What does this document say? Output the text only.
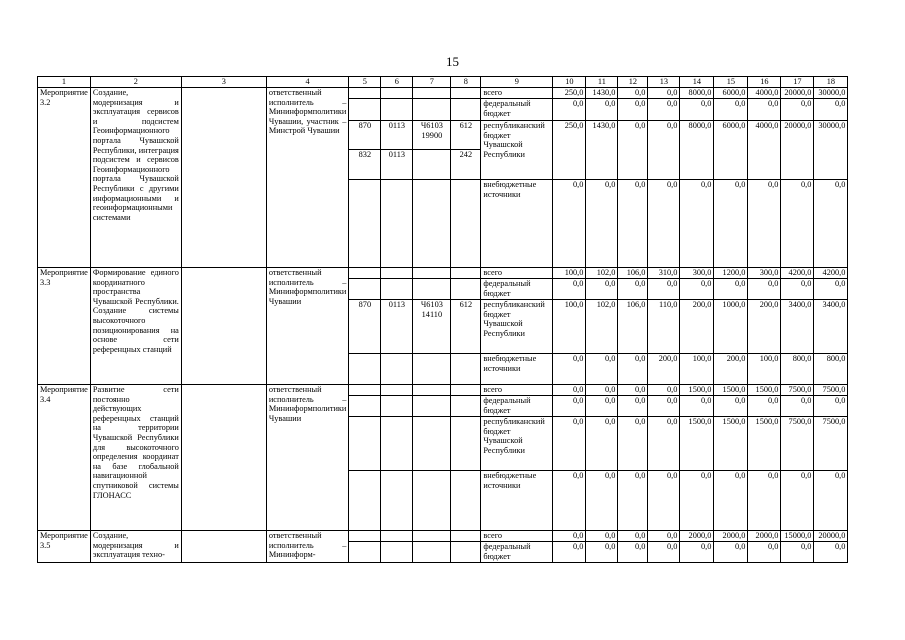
15
1	2	3	4	5	6	7	8	9	10	11	12	13	14	15	16	17	18
Мероприятие 3.2	Создание, модернизация и эксплуатация сервисов и подсистем Геоинформационного портала Чувашской Республики, интеграция подсистем и сервисов Геоинформационного портала Чувашской Республики с другими информационными и геоинформационными системами		ответственный исполнитель – Мининформполитики Чувашии, участник – Минстрой Чувашии					всего	250,0	1430,0	0,0	0,0	8000,0	6000,0	4000,0	20000,0	30000,0
								федеральный бюджет	0,0	0,0	0,0	0,0	0,0	0,0	0,0	0,0	0,0
				870	0113	Ч6103 19900	612	республиканский бюджет Чувашской Республики	250,0	1430,0	0,0	0,0	8000,0	6000,0	4000,0	20000,0	30000,0
				832	0113		242										
								внебюджетные источники	0,0	0,0	0,0	0,0	0,0	0,0	0,0	0,0	0,0
Мероприятие 3.3	Формирование единого координатного пространства Чувашской Республики. Создание системы высокоточного позиционирования на основе сети референцных станций		ответственный исполнитель – Мининформполитики Чувашии					всего	100,0	102,0	106,0	310,0	300,0	1200,0	300,0	4200,0	4200,0
								федеральный бюджет	0,0	0,0	0,0	0,0	0,0	0,0	0,0	0,0	0,0
				870	0113	Ч6103 14110	612	республиканский бюджет Чувашской Республики	100,0	102,0	106,0	110,0	200,0	1000,0	200,0	3400,0	3400,0
								внебюджетные источники	0,0	0,0	0,0	200,0	100,0	200,0	100,0	800,0	800,0
Мероприятие 3.4	Развитие сети постоянно действующих референцных станций на территории Чувашской Республики для высокоточного определения координат на базе глобальной навигационной спутниковой системы ГЛОНАСС		ответственный исполнитель – Мининформполитики Чувашии					всего	0,0	0,0	0,0	0,0	1500,0	1500,0	1500,0	7500,0	7500,0
								федеральный бюджет	0,0	0,0	0,0	0,0	0,0	0,0	0,0	0,0	0,0
								республиканский бюджет Чувашской Республики	0,0	0,0	0,0	0,0	1500,0	1500,0	1500,0	7500,0	7500,0
								внебюджетные источники	0,0	0,0	0,0	0,0	0,0	0,0	0,0	0,0	0,0
Мероприятие 3.5	Создание, модернизация и эксплуатация техно-		ответственный исполнитель – Мининформ-					всего	0,0	0,0	0,0	0,0	2000,0	2000,0	2000,0	15000,0	20000,0
								федеральный бюджет	0,0	0,0	0,0	0,0	0,0	0,0	0,0	0,0	0,0
